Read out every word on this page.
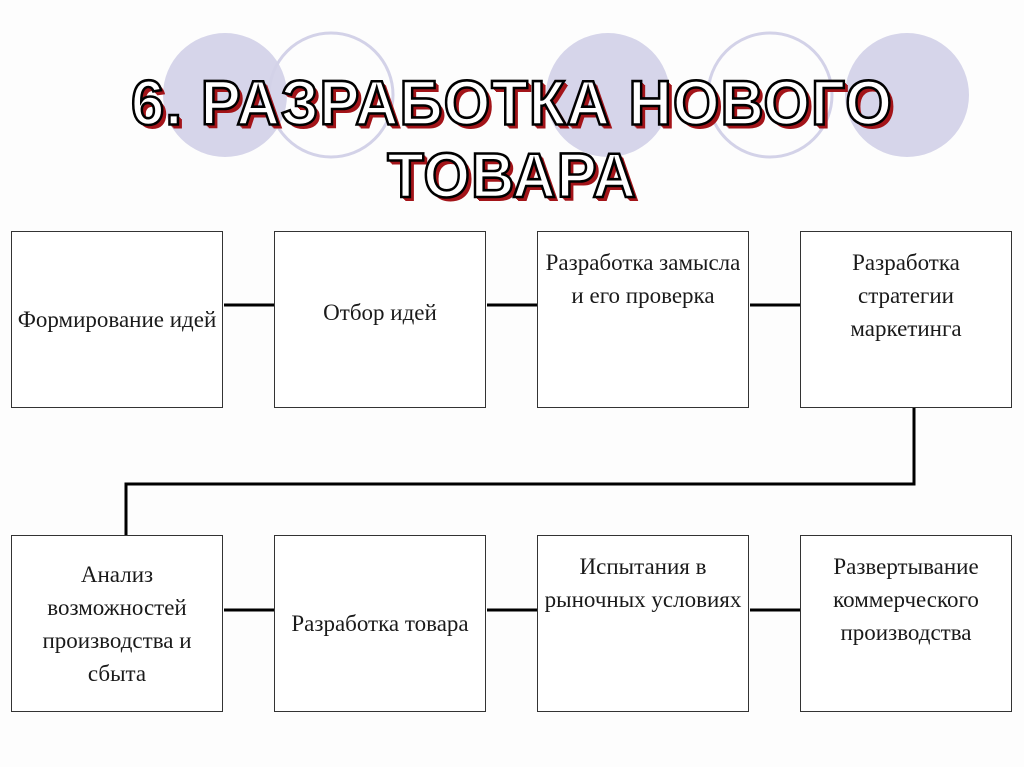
6. РАЗРАБОТКА НОВОГО ТОВАРА
Формирование идей	Отбор идей
Разработка замысла и его проверка
Разработка стратегии маркетинга
Анализ возможностей производства и сбыта
Разработка товара
Испытания в рыночных условиях
Развертывание коммерческого производства
